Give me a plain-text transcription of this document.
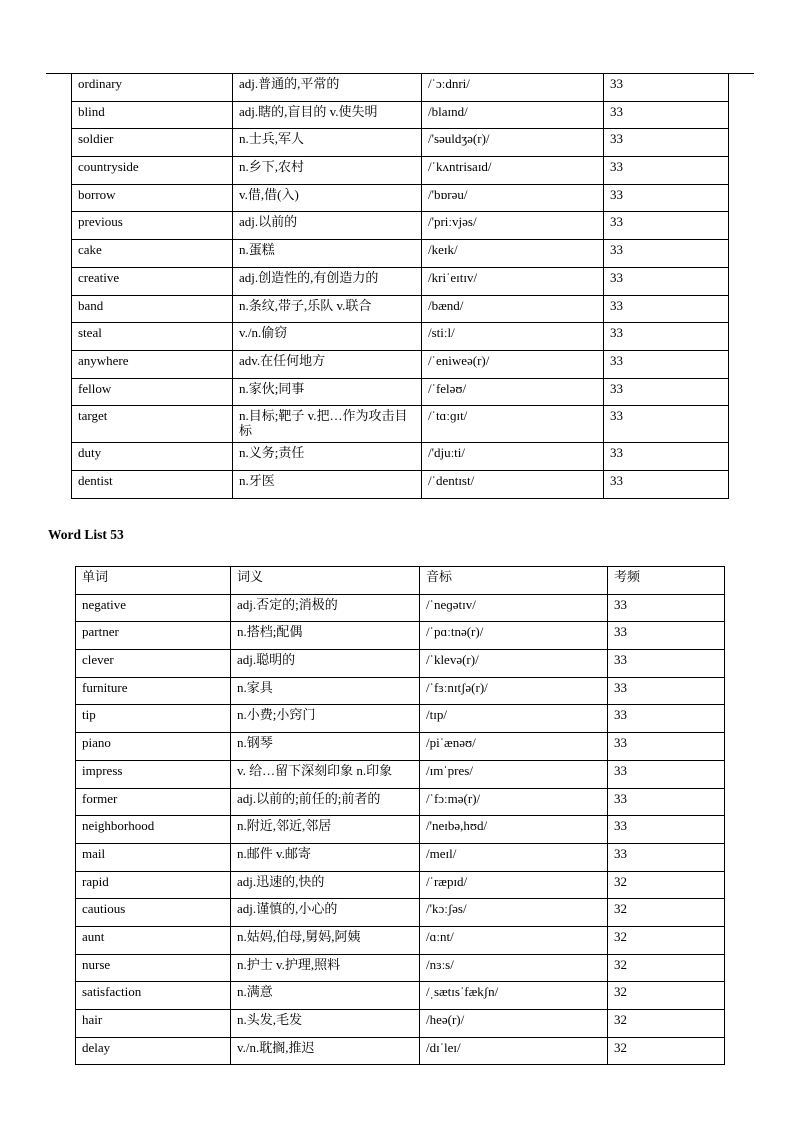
ordinary	adj.普通的,平常的	/ˈɔːdnri/	33
blind	adj.瞎的,盲目的 v.使失明	/blaɪnd/	33
soldier	n.士兵,军人	/'səuldʒə(r)/	33
countryside	n.乡下,农村	/ˈkʌntrisaɪd/	33
borrow	v.借,借(入)	/'bɒrəu/	33
previous	adj.以前的	/'priːvjəs/	33
cake	n.蛋糕	/keɪk/	33
creative	adj.创造性的,有创造力的	/kriˈeɪtɪv/	33
band	n.条纹,带子,乐队 v.联合	/bænd/	33
steal	v./n.偷窃	/stiːl/	33
anywhere	adv.在任何地方	/ˈeniweə(r)/	33
fellow	n.家伙;同事	/ˈfeləʊ/	33
target	n.目标;靶子 v.把…作为攻击目标	/ˈtɑːɡɪt/	33
duty	n.义务;责任	/'djuːti/	33
dentist	n.牙医	/ˈdentɪst/	33
Word List 53
单词	词义	音标	考频
negative	adj.否定的;消极的	/ˈneɡətɪv/	33
partner	n.搭档;配偶	/ˈpɑːtnə(r)/	33
clever	adj.聪明的	/ˈklevə(r)/	33
furniture	n.家具	/ˈfɜːnɪtʃə(r)/	33
tip	n.小费;小窍门	/tɪp/	33
piano	n.钢琴	/piˈænəʊ/	33
impress	v. 给…留下深刻印象 n.印象	/ɪmˈpres/	33
former	adj.以前的;前任的;前者的	/ˈfɔːmə(r)/	33
neighborhood	n.附近,邻近,邻居	/'neɪbə,hʊd/	33
mail	n.邮件 v.邮寄	/meɪl/	33
rapid	adj.迅速的,快的	/ˈræpɪd/	32
cautious	adj.谨慎的,小心的	/'kɔːʃəs/	32
aunt	n.姑妈,伯母,舅妈,阿姨	/ɑːnt/	32
nurse	n.护士 v.护理,照料	/nɜːs/	32
satisfaction	n.满意	/ˌsætɪsˈfækʃn/	32
hair	n.头发,毛发	/heə(r)/	32
delay	v./n.耽搁,推迟	/dɪˈleɪ/	32
